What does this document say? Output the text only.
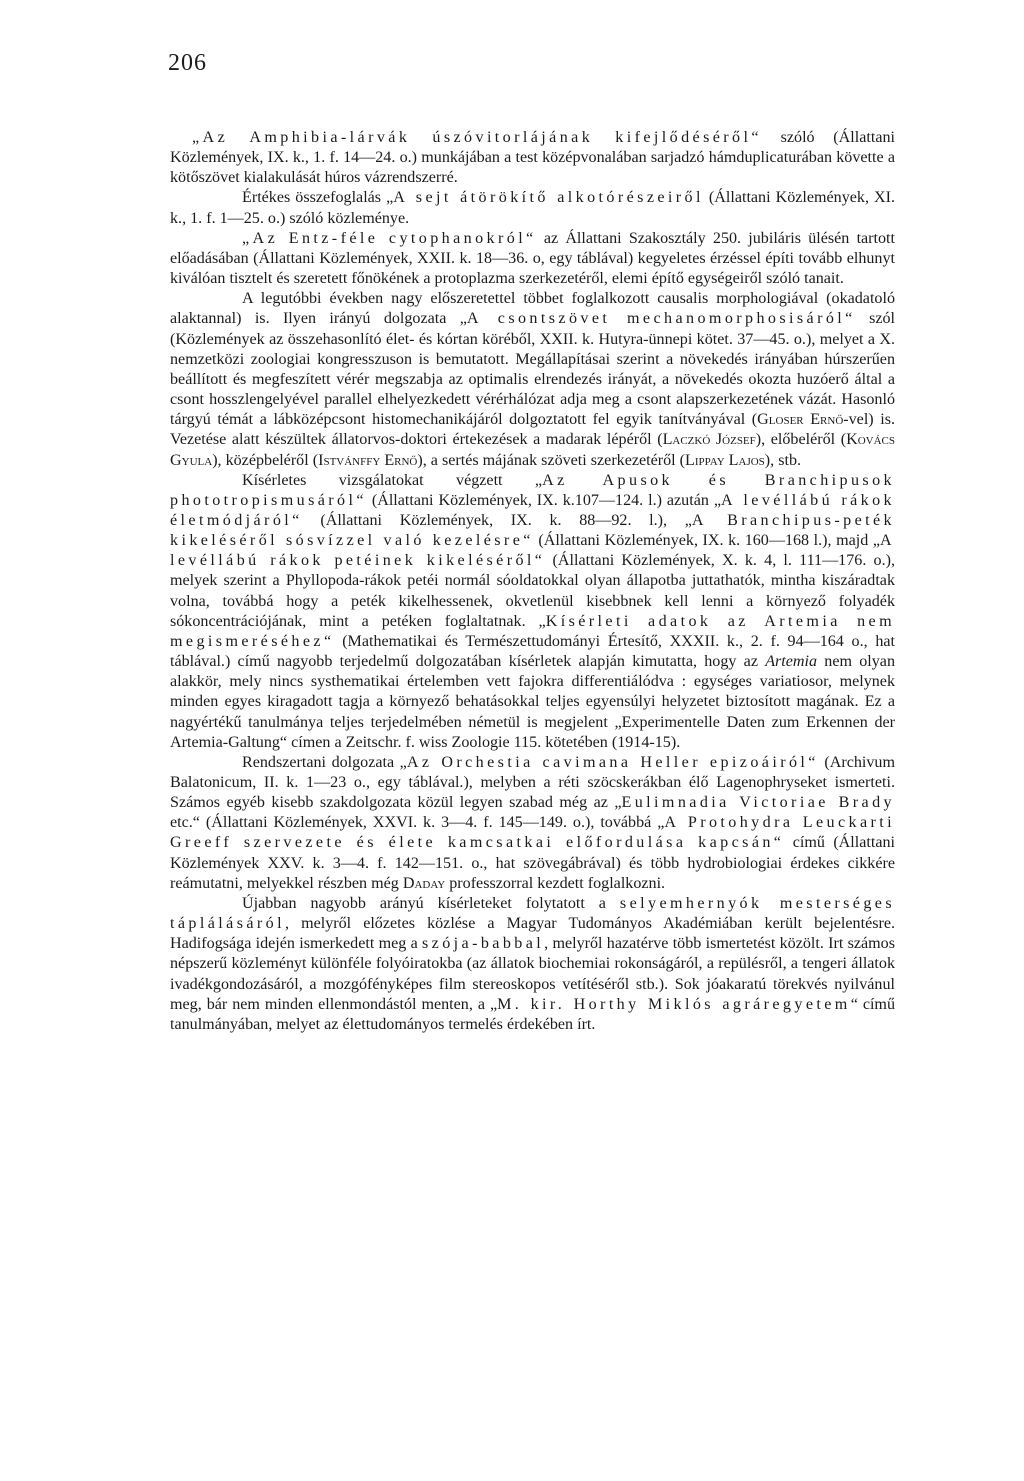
206

„Az Amphibia-lárvák úszóvitorlájának kifejlődéséről“ szóló (Állattani Közlemények, IX. k., 1. f. 14—24. o.) munkájában a test középvonalában sarjadzó hámduplicaturában követte a kötőszövet kialakulását húros vázrendszerré.

Értékes összefoglalás „A sejt átörökítő alkotórészeiről (Állattani Közlemények, XI. k., 1. f. 1—25. o.) szóló közleménye.

„Az Entz-féle cytophanokról“ az Állattani Szakosztály 250. jubiláris ülésén tartott előadásában (Állattani Közlemények, XXII. k. 18—36. o, egy táblával) kegyeletes érzéssel építi tovább elhunyt kiválóan tisztelt és szeretett főnökének a protoplazma szerkezetéről, elemi építő egységeiről szóló tanait.

A legutóbbi években nagy előszeretettel többet foglalkozott causalis morphologiával (okadatoló alaktannal) is. Ilyen irányú dolgozata „A csontszövet mechanomorphosisáról“ szól (Közlemények az összehasonlító élet- és kórtan köréből, XXII. k. Hutyra-ünnepi kötet. 37—45. o.), melyet a X. nemzetközi zoologiai kongresszuson is bemutatott. Megállapításai szerint a növekedés irányában húrszerűen beállított és megfeszített vérér megszabja az optimalis elrendezés irányát, a növekedés okozta huzóerő által a csont hosszlengelyével parallel elhelyezkedett vérérhálózat adja meg a csont alapszerkezetének vázát. Hasonló tárgyú témát a lábközépcsont histomechanikájáról dolgoztatott fel egyik tanítványával (Gloser Ernő-vel) is. Vezetése alatt készültek állatorvos-doktori értekezések a madarak lépéről (Laczkó József), előbeléről (Kovács Gyula), középbeléről (Istvánffy Ernő), a sertés májának szöveti szerkezetéről (Lippay Lajos), stb.

Kísérletes vizsgálatokat végzett „Az Apusok és Branchipusok phototropismusáról“ (Állattani Közlemények, IX. k.107—124. l.) azután „A levéllábú rákok életmódjáról“ (Állattani Közlemények, IX. k. 88—92. l.), „A Branchipus-peték kikeléséről sósvízzel való kezelésre“ (Állattani Közlemények, IX. k. 160—168 l.), majd „A levéllábú rákok petéinek kikeléséről“ (Állattani Közlemények, X. k. 4, l. 111—176. o.), melyek szerint a Phyllopoda-rákok petéi normál sóoldatokkal olyan állapotba juttathatók, mintha kiszáradtak volna, továbbá hogy a peték kikelhessenek, okvetlenül kisebbnek kell lenni a környező folyadék sókoncentrációjának, mint a petéken foglaltatnak. „Kísérleti adatok az Artemia nem megismeréséhez“ (Mathematikai és Természettudományi Értesítő, XXXII. k., 2. f. 94—164 o., hat táblával.) című nagyobb terjedelmű dolgozatában kísérletek alapján kimutatta, hogy az Artemia nem olyan alakkör, mely nincs systhematikai értelemben vett fajokra differentiálódva : egységes variatiosor, melynek minden egyes kiragadott tagja a környező behatásokkal teljes egyensúlyi helyzetet biztosított magának. Ez a nagyértékű tanulmánya teljes terjedelmében németül is megjelent „Experimentelle Daten zum Erkennen der Artemia-Galtung“ címen a Zeitschr. f. wiss Zoologie 115. kötetében (1914-15).

Rendszertani dolgozata „Az Orchestia cavimana Heller epizoáiról“ (Archivum Balatonicum, II. k. 1—23 o., egy táblával.), melyben a réti szöcskerákban élő Lagenophryseket ismerteti. Számos egyéb kisebb szakdolgozata közül legyen szabad még az „Eulimnadia Victoriae Brady etc.“ (Állattani Közlemények, XXVI. k. 3—4. f. 145—149. o.), továbbá „A Protohydra Leuckarti Greeff szervezete és élete kamcsatkai előfordulása kapcsán“ című (Állattani Közlemények XXV. k. 3—4. f. 142—151. o., hat szövegábrával) és több hydrobiologiai érdekes cikkére reámutatni, melyekkel részben még Daday professzorral kezdett foglalkozni.

Újabban nagyobb arányú kísérleteket folytatott a selyemhernyók mesterséges táplálásáról, melyről előzetes közlése a Magyar Tudományos Akadémiában került bejelentésre. Hadifogsága idején ismerkedett meg a szója-babbal, melyről hazatérve több ismertetést közölt. Irt számos népszerű közleményt különféle folyóiratokba (az állatok biochemiai rokonságáról, a repülésről, a tengeri állatok ivadékgondozásáról, a mozgófényképes film stereoskopos vetítéséről stb.). Sok jóakaratú törekvés nyilvánul meg, bár nem minden ellenmondástól menten, a „M. kir. Horthy Miklós agráregyetem“ című tanulmányában, melyet az élettudományos termelés érdekében írt.
